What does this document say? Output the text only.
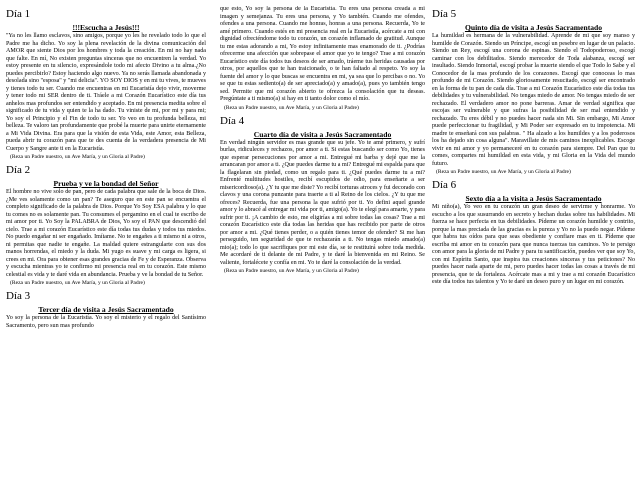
Día 1
!!!Escucha a Jesús!!!

"Ya no les llamo esclavos, sino amigos, porque yo les he revelado todo lo que el Padre me ha dicho. Yo soy la plena revelación de la divina comunicación del AMOR que siente Dios por los hombres y toda la creación. En mi no hay nada que falte. En mí, No existen preguntas sinceras que no encuentren la verdad. Yo estoy presente en tu silencio, expresándole todo mi afecto Divino a tu alma.¿No puedes percibirlo? Estoy haciendo algo nuevo. Ya no serás llamada abandonada y desolada sino "esposa" y "mi delicia". YO SOY DIOS y en mi tu vives, te mueves y tienes todo tu ser. Cuando me encuentras en mi Eucaristía dejo vivir, moverme y tener todo mi SER dentro de ti. Tráele a mi Corazón Eucarístico este día tus anhelos mas profundos ser entendido y aceptado. En mi presencia medita sobre el significado de tu vida y quien te la ha dado. Tu viniste de mi, por mi y para mi; Yo soy el Principio y el Fin de todo tu ser. Yo veo en tu profunda belleza, mi belleza. Te valoro tan profundamente que probé la muerte para unirte eternamente a Mi Vida Divina. Era para que la visión de esta Vida, este Amor, esta Belleza, pueda abrir tu corazón para que te des cuenta de la verdadera presencia de Mi Cuerpo y Sangre ante ti en la Eucaristía.

(Reza un Padre nuestro, un Ave María, y un Gloria al Padre)
Día 2
Prueba y ve la bondad del Señor

El hombre no vive solo de pan, pero de cada palabra que sale de la boca de Dios. ¿Me ves solamente como un pan? Te aseguro que en este pan se encuentra el completo significado de la palabra de Dios. Porque Yo Soy ESA palabra y lo que tu comes no es solamente pan. Tu consumes el pergamino en el cual te escribo de mi amor por ti. Yo Soy la PALABRA de Dios, Yo soy el PAN que descendió del cielo. Trae a mi corazón Eucarístico este día todas tus dudas y todos tus miedos. No puedo engañar ni ser engañado. Imítame. No te engañes a ti mismo ni a otros, ni permitas que nadie te engañe. La maldad quiere estrangularte con sus dos manos horrendas, el miedo y la duda. Mi yugo es suave y mi carga es ligera, si crees en mi. Ora para obtener esas grandes gracias de Fe y de Esperanza. Observa y escucha mientras yo te confirmo mi presencia real en tu corazón. Este mismo celestial es vida y te daré vida en abundancia. Prueba y ve la bondad de tu Señor.

(Reza un Padre nuestro, un Ave María, y un Gloria al Padre)
Día 3
Tercer día de visita a Jesús Sacramentado

Yo soy la persona de la Eucaristía. Yo soy el misterio y el regalo del Santísimo Sacramento, pero sun mas profundo

que esto, Yo soy la persona de la Eucaristía. Tu eres una persona creada a mi imagen y semejanza. Tu eres una persona, y Yo también. Cuando me ofendes, ofendes a una persona. Cuando me honras, honras a una persona. Recuerda, Yo te amé primero. Cuando estés en mi presencia real en la Eucaristía, acércate a mi con dignidad ofreciéndome todo tu corazón, un corazón inflamado de gratitud. Aunque tu me estas adorando a mi, Yo estoy infinitamente mas enamorado de ti. ¿Podrías ofrecerme una afección que sobrepase el amor que yo te tengo? Trae a mi corazón Eucarístico este día todos tus deseos de ser amado, tráeme tus heridas causadas por otros, por aquellos que te han traicionado, o te han faltado al respeto. Yo soy la fuente del amor y lo que buscas se encuentra en mi, ya sea que lo percibas o no. Yo se que tu estas sediento(a) de ser apreciado(a) y amado(a), pues yo también tengo sed. Permite que mi corazón abierto te ofrezca la consolación que tu deseas. Pregúntate a ti mismo(a) si hay en ti tanto dolor como el mío.

(Reza un Padre nuestro, un Ave María, y un Gloria al Padre)
Día 4
Cuarto día de visita a Jesús Sacramentado

En verdad ningún servidor es mas grande que su jefe. Yo te amé primero, y sufrí burlas, ridiculeces y rechazos, por amor a ti. Si estas buscando ser como Yo, tienes que esperar persecuciones por amor a mi. Entregué mi barba y dejé que me la arrancaran por amor a ti. ¿Que puedes darme tu a mi? Entregué mi espalda para que la flagelaran sin piedad, como un regalo para ti. ¿Qué puedes darme tu a mi? Enfrenté multitudes hostiles, recibí escupidos de odio, para enseñarte a ser misericordioso(a). ¿Y tu que me diste? Yo recibí torturas atroces y fui decorado con clavos y una corona punzante para traerte a ti al Reino de los cielos. ¿Y tu que me ofreces? Recuerda, fue una persona la que sufrió por ti. Yo defini aquel grande amor y lo abracé al entregar mi vida por ti, amigo(a). Yo te elegí para amarte, y para sufrir por ti. ¡A cambio de esto, me eligirías a mi sobre todas las cosas? Trae a mi corazón Eucarístico este día todas las heridas que has recibido por parte de otros por amor a mi. ¿Qué tienes perder, o a quién tienes temor de ofender? Si me han perseguido, ten seguridad de que te rechazarán a ti. No tengas miedo amado(a) mio(a); todo lo que sacrifiques por mi este día, se te restituirá sobre toda medida. Me acordaré de ti delante de mi Padre, y te daré la bienvenida en mi Reino. Se valiente, fortalécete y confía en mi. Yo te daré la consolación de la verdad.

(Reza un Padre nuestro, un Ave María, y un Gloria al Padre)
Día 5
Quinto día de visita a Jesús Sacramentado

La humildad es hermana de la vulnerabilidad. Aprende de mi que soy manso y humilde de Corazón. Siendo un Príncipe, escogí un pesebre en lugar de un palacio. Siendo un Rey, escogí una corona de espinas. Siendo el Todopoderoso, escogí caminar con los debilitados. Siendo merecedor de Toda alabanza, escogí ser insultado. Siendo Inmortal, escogí probar la muerte siendo el que Todo lo Sabe y el Conocedor de la mas profundo de los corazones. Escogí que conoceas lo mas profundo de mi Corazón. Siendo gloriosamente resucitado, escogí ser encontrado en la forma de tu pan de cada día. Trae a mi Corazón Eucarístico este día todas tus debilidades y tu vulnerabilidad. No tengas miedo de amor. No tengas miedo de ser rechazado. El verdadero amor no pone barreras. Amar de verdad significa que escojas ser vulnerable y que sufras la posibilidad de ser mal entendido y rechazado. Tu eres débil y no puedes hacer nada sin Mi. Sin embargo, Mi Amor puede perfeccionar tu fragilidad, y Mi Poder ser expresado en tu impotencia. Mi madre te enseñará con sus palabras. " Ha alzado a los humildes y a los poderosos los ha dejado sin cosa alguna". Maravillate de mis caminos inexplicables. Escoge vivir en mi amor y yo permaneceré en tu corazón para siempre. Del Pan que tu comes, compartes mi humildad en esta vida, y mi Gloria en la Vida del mundo futuro.

(Reza un Padre nuestro, un Ave María, y un Gloria al Padre)
Día 6
Sexto día a la visita a Jesús Sacramentado

Mi niño(a), Yo veo en tu corazón un gran deseo de servirme y honrarme. Yo escucho a los que susurrando en secreto y hechan dudas sobre tus habilidades. Mi fuerza se hace perfecta en tus debilidades. Pídeme un corazón humilde y contrito, porque la mas preciada de las gracias es la pureza y Yo no la puedo negar. Pídeme que habra tus oídos para que seas obediente y confiare mas en ti. Pídeme que escriba mi amor en tu corazón para que nunca tuerzas tus caminos. Yo te persigo con amor para la gloria de mi Padre y para tu santificación, puedes ver que soy Yo, con mi Espíritu Santo, que inspira tus creaciones sinceras y tus peticiones? No puedes hacer nada aparte de mi, pero puedes hacer todas las cosas a través de mi presencia, que te da fortaleza. Acércate mas a mi y trae a mi corazón Eucarístico este día todos tus talentos y Yo te daré un deseo puro y un lugar en mi corazón.
